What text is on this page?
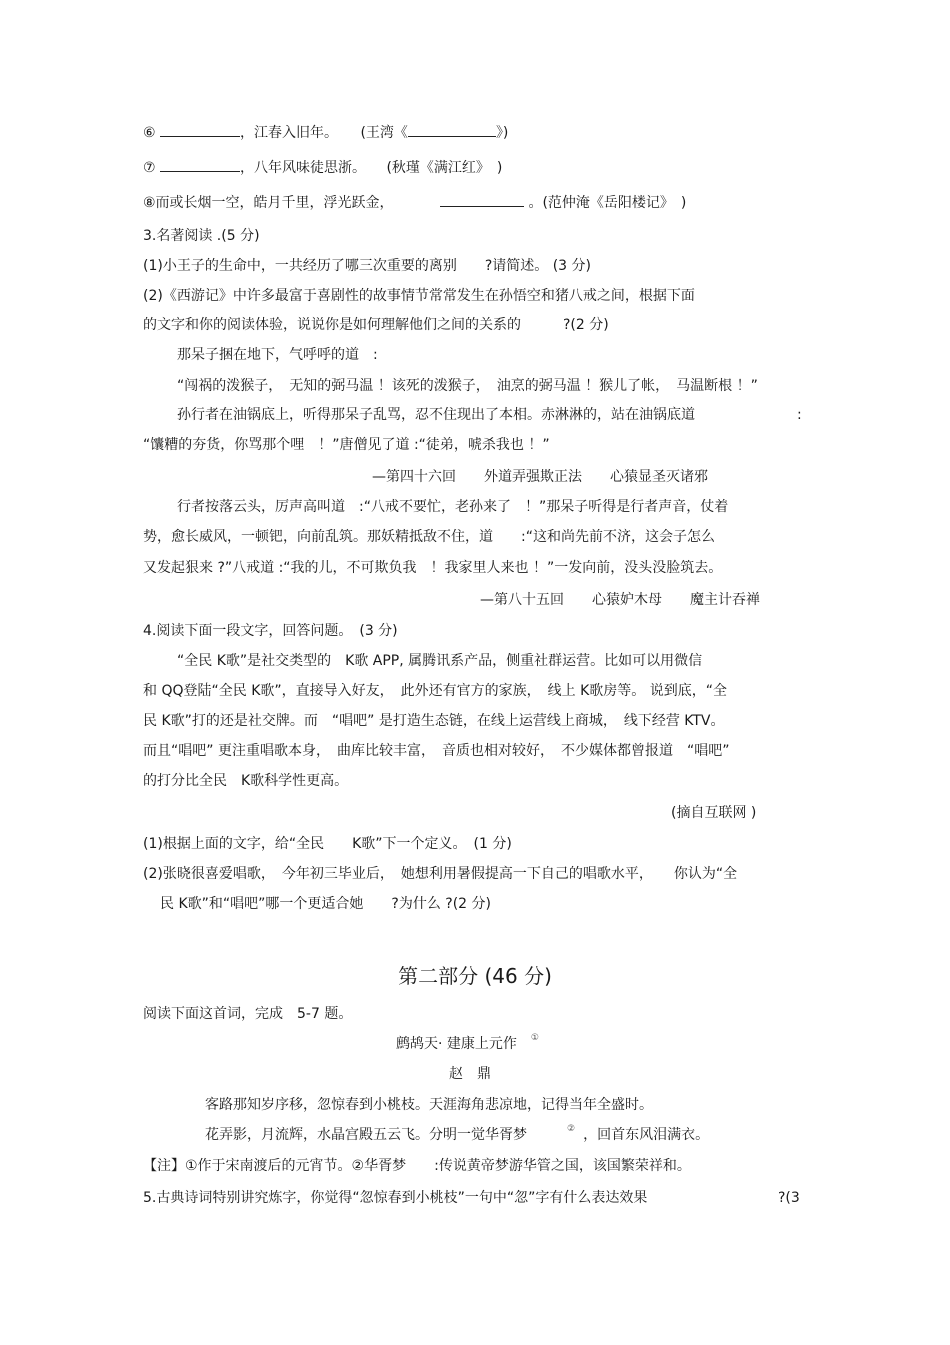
⑥	，江春入旧年。 (王湾《	》)
⑦	，八年风味徒思浙。 (秋瑾《满江红》　)
⑧而或长烟一空，皓月千里，浮光跃金，	。(范仲淹《岳阳楼记》　)
3.名著阅读 .(5 分)
(1)小王子的生命中，一共经历了哪三次重要的离别　　?请简述。 (3 分)
(2)《西游记》中许多最富于喜剧性的故事情节常常发生在孙悟空和猪八戒之间，根据下面
的文字和你的阅读体验，说说你是如何理解他们之间的关系的　　　?(2 分)
那呆子捆在地下，气呼呼的道　:
“闯祸的泼猴子，　无知的弼马温 ！该死的泼猴子，　油烹的弼马温 ！猴儿了帐，　马温断根 ！”
孙行者在油锅底上，听得那呆子乱骂，忍不住现出了本相。赤淋淋的，站在油锅底道	:
“馕糟的夯货，你骂那个哩　！”唐僧见了道 :“徒弟，唬杀我也 ！”
—第四十六回　　外道弄强欺正法　　心猿显圣灭诸邪
行者按落云头，厉声高叫道　:“八戒不要忙，老孙来了　！”那呆子听得是行者声音，仗着
势，愈长威风，一顿钯，向前乱筑。那妖精抵敌不住，道　　:“这和尚先前不济，这会子怎么
又发起狠来 ?”八戒道 :“我的儿，不可欺负我　！我家里人来也 ！”一发向前，没头没脸筑去。
—第八十五回　　心猿妒木母　　魔主计吞禅
4.阅读下面一段文字，回答问题。　(3 分)
“全民 K歌”是社交类型的　K歌 APP, 属腾讯系产品，侧重社群运营。比如可以用微信
和 QQ登陆“全民 K歌”，直接导入好友，　此外还有官方的家族，　线上 K歌房等。 说到底，“全
民 K歌”打的还是社交牌。而　“唱吧” 是打造生态链，在线上运营线上商城，　线下经营 KTV。
而且“唱吧” 更注重唱歌本身，　曲库比较丰富，　音质也相对较好，　不少媒体都曾报道　“唱吧”
的打分比全民　K歌科学性更高。
(摘自互联网 )
(1)根据上面的文字，给“全民　　K歌”下一个定义。　(1 分)
(2)张晓很喜爱唱歌，　今年初三毕业后，　她想利用暑假提高一下自己的唱歌水平，　　你认为“全
民 K歌”和“唱吧”哪一个更适合她　　?为什么 ?(2 分)
第二部分 (46 分)
阅读下面这首词，完成　5-7 题。
鹧鸪天· 建康上元作 ①
赵　鼎
客路那知岁序移，忽惊春到小桃枝。天涯海角悲凉地，记得当年全盛时。
花弄影，月流辉，水晶宫殿五云飞。分明一觉华胥梦	② ，回首东风泪满衣。
【注】①作于宋南渡后的元宵节。②华胥梦　　:传说黄帝梦游华管之国，该国繁荣祥和。
5.古典诗词特别讲究炼字，你觉得“忽惊春到小桃枝”一句中“忽”字有什么表达效果	?(3
